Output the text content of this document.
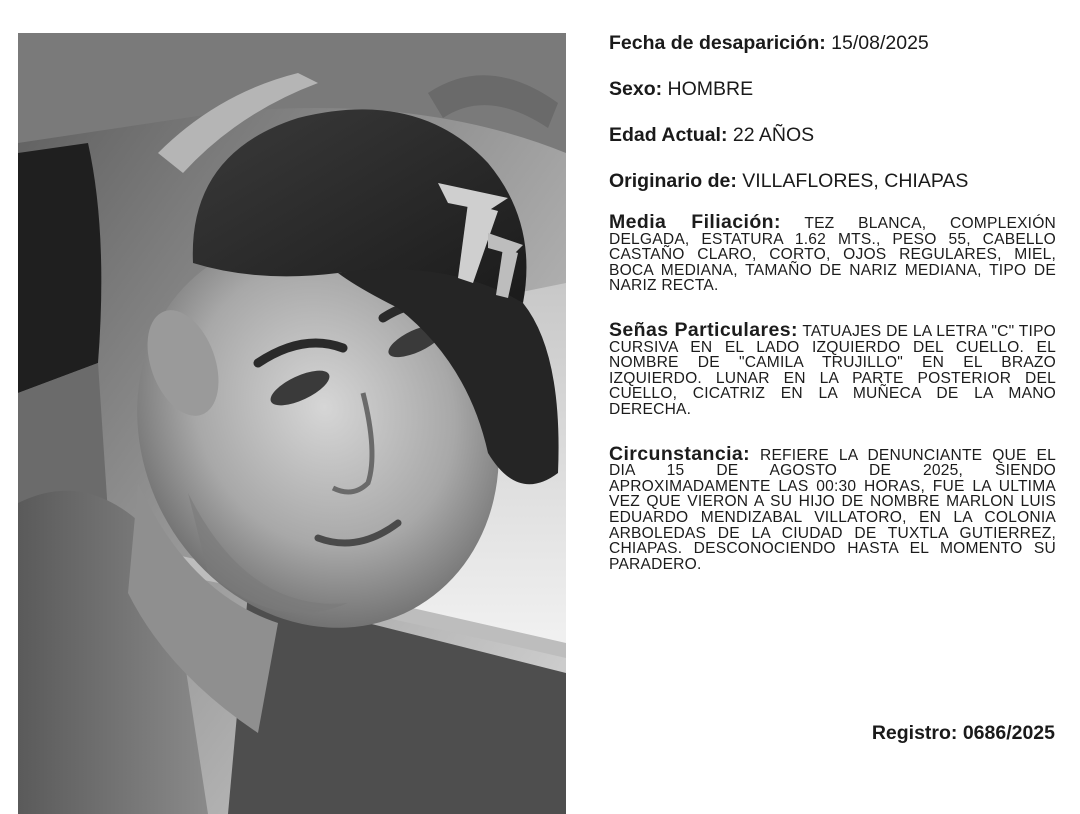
Fecha de desaparición: 15/08/2025
Sexo: HOMBRE
Edad Actual: 22 AÑOS
Originario de: VILLAFLORES, CHIAPAS
Media Filiación: TEZ BLANCA, COMPLEXIÓN DELGADA, ESTATURA 1.62 MTS., PESO 55, CABELLO CASTAÑO CLARO, CORTO, OJOS REGULARES, MIEL, BOCA MEDIANA, TAMAÑO DE NARIZ MEDIANA, TIPO DE NARIZ RECTA.
Señas Particulares: TATUAJES DE LA LETRA "C" TIPO CURSIVA EN EL LADO IZQUIERDO DEL CUELLO. EL NOMBRE DE "CAMILA TRUJILLO" EN EL BRAZO IZQUIERDO. LUNAR EN LA PARTE POSTERIOR DEL CUELLO, CICATRIZ EN LA MUÑECA DE LA MANO DERECHA.
Circunstancia: REFIERE LA DENUNCIANTE QUE EL DIA 15 DE AGOSTO DE 2025, SIENDO APROXIMADAMENTE LAS 00:30 HORAS, FUE LA ULTIMA VEZ QUE VIERON A SU HIJO DE NOMBRE MARLON LUIS EDUARDO MENDIZABAL VILLATORO, EN LA COLONIA ARBOLEDAS DE LA CIUDAD DE TUXTLA GUTIERREZ, CHIAPAS. DESCONOCIENDO HASTA EL MOMENTO SU PARADERO.
Registro: 0686/2025
